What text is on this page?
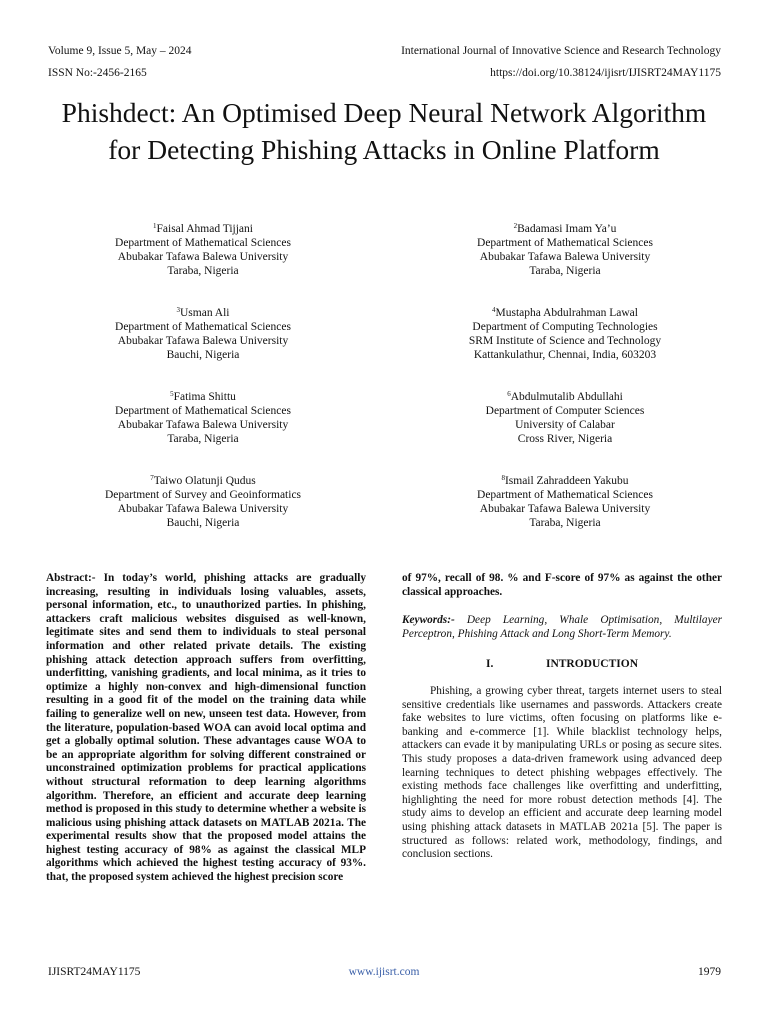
Volume 9, Issue 5, May – 2024	International Journal of Innovative Science and Research Technology
ISSN No:-2456-2165	https://doi.org/10.38124/ijisrt/IJISRT24MAY1175
Phishdect: An Optimised Deep Neural Network Algorithm for Detecting Phishing Attacks in Online Platform
$^1$Faisal Ahmad Tijjani
Department of Mathematical Sciences
Abubakar Tafawa Balewa University
Taraba, Nigeria
$^2$Badamasi Imam Ya’u
Department of Mathematical Sciences
Abubakar Tafawa Balewa University
Taraba, Nigeria
$^3$Usman Ali
Department of Mathematical Sciences
Abubakar Tafawa Balewa University
Bauchi, Nigeria
$^4$Mustapha Abdulrahman Lawal
Department of Computing Technologies
SRM Institute of Science and Technology
Kattankulathur, Chennai, India, 603203
$^5$Fatima Shittu
Department of Mathematical Sciences
Abubakar Tafawa Balewa University
Taraba, Nigeria
$^6$Abdulmutalib Abdullahi
Department of Computer Sciences
University of Calabar
Cross River, Nigeria
$^7$Taiwo Olatunji Qudus
Department of Survey and Geoinformatics
Abubakar Tafawa Balewa University
Bauchi, Nigeria
$^8$Ismail Zahraddeen Yakubu
Department of Mathematical Sciences
Abubakar Tafawa Balewa University
Taraba, Nigeria

Abstract:- In today’s world, phishing attacks are gradually increasing, resulting in individuals losing valuables, assets, personal information, etc., to unauthorized parties. In phishing, attackers craft malicious websites disguised as well-known, legitimate sites and send them to individuals to steal personal information and other related private details. The existing phishing attack detection approach suffers from overfitting, underfitting, vanishing gradients, and local minima, as it tries to optimize a highly non-convex and high-dimensional function resulting in a good fit of the model on the training data while failing to generalize well on new, unseen test data. However, from the literature, population-based WOA can avoid local optima and get a globally optimal solution. These advantages cause WOA to be an appropriate algorithm for solving different constrained or unconstrained optimization problems for practical applications without structural reformation to deep learning algorithms algorithm. Therefore, an efficient and accurate deep learning method is proposed in this study to determine whether a website is malicious using phishing attack datasets on MATLAB 2021a. The experimental results show that the proposed model attains the highest testing accuracy of 98% as against the classical MLP algorithms which achieved the highest testing accuracy of 93%. that, the proposed system achieved the highest precision score

of 97%, recall of 98. % and F-score of 97% as against the other classical approaches.

Keywords:- Deep Learning, Whale Optimisation, Multilayer Perceptron, Phishing Attack and Long Short-Term Memory.

I.	INTRODUCTION

Phishing, a growing cyber threat, targets internet users to steal sensitive credentials like usernames and passwords. Attackers create fake websites to lure victims, often focusing on platforms like e-banking and e-commerce [1]. While blacklist technology helps, attackers can evade it by manipulating URLs or posing as secure sites. This study proposes a data-driven framework using advanced deep learning techniques to detect phishing webpages effectively. The existing methods face challenges like overfitting and underfitting, highlighting the need for more robust detection methods [4]. The study aims to develop an efficient and accurate deep learning model using phishing attack datasets in MATLAB 2021a [5]. The paper is structured as follows: related work, methodology, findings, and conclusion sections.

IJISRT24MAY1175	www.ijisrt.com	1979
